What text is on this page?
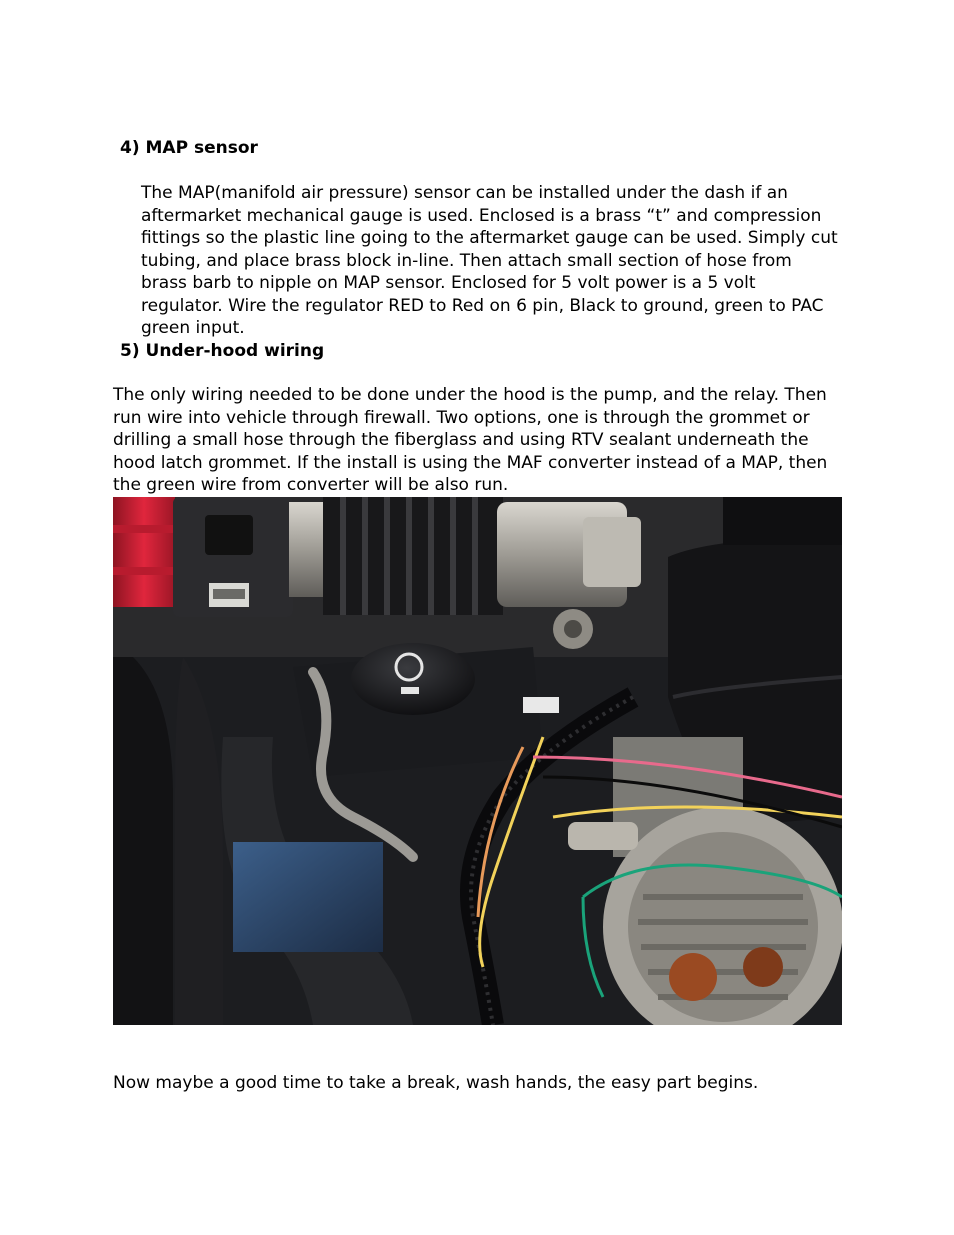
4) MAP sensor

The MAP(manifold air pressure) sensor can be installed under the dash if an aftermarket mechanical gauge is used. Enclosed is a brass “t” and compression fittings so the plastic line going to the aftermarket gauge can be used. Simply cut tubing, and place brass block in-line. Then attach small section of hose from brass barb to nipple on MAP sensor. Enclosed for 5 volt power is a 5 volt regulator. Wire the regulator RED to Red on 6 pin, Black to ground, green to PAC green input.

5) Under-hood wiring

The only wiring needed to be done under the hood is the pump, and the relay. Then run wire into vehicle through firewall. Two options, one is through the grommet or drilling a small hose through the fiberglass and using RTV sealant underneath the hood latch grommet. If the install is using the MAF converter instead of a MAP, then the green wire from converter will be also run.

Now maybe a good time to take a break, wash hands, the easy part begins.
